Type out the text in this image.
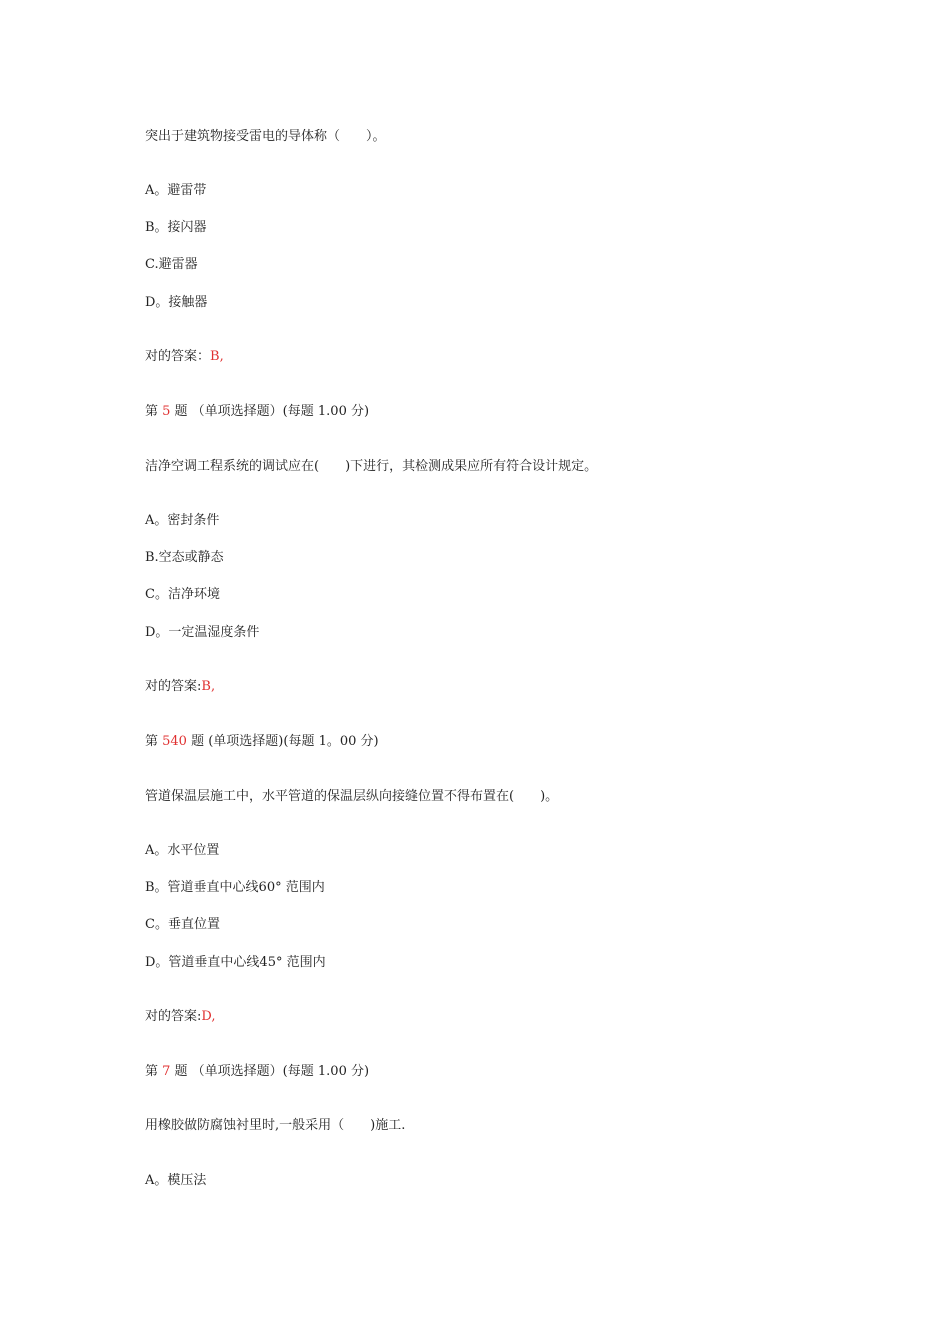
突出于建筑物接受雷电的导体称（　　）。
A。避雷带
B。接闪器
C.避雷器
D。接触器
对的答案：B,
第 5 题 （单项选择题）(每题 1.00 分)
洁净空调工程系统的调试应在(　　)下进行，其检测成果应所有符合设计规定。
A。密封条件
B.空态或静态
C。洁净环境
D。一定温湿度条件
对的答案:B,
第 540 题 (单项选择题)(每题 1。00 分)
管道保温层施工中，水平管道的保温层纵向接缝位置不得布置在(　　)。
A。水平位置
B。管道垂直中心线60° 范围内
C。垂直位置
D。管道垂直中心线45° 范围内
对的答案:D,
第 7 题 （单项选择题）(每题 1.00 分)
用橡胶做防腐蚀衬里时,一般采用（　　)施工.
A。模压法
